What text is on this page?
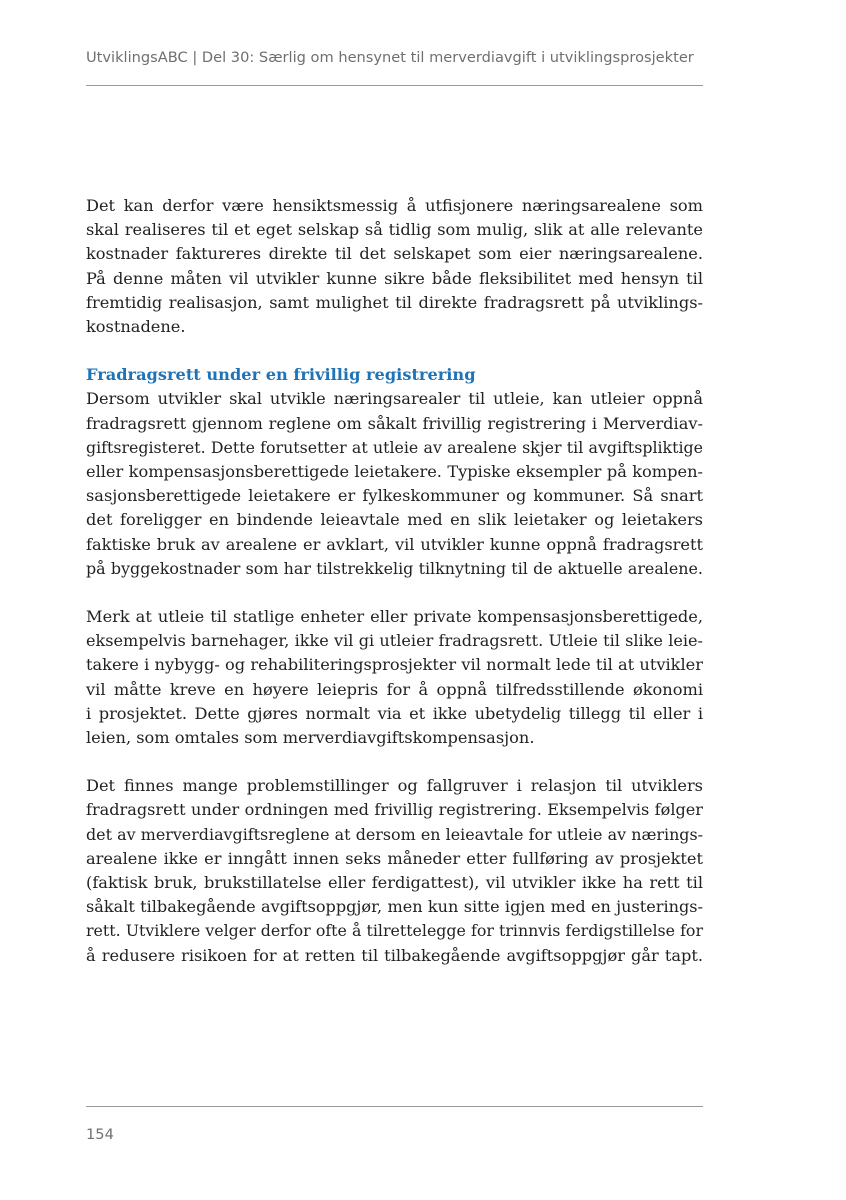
UtviklingsABC | Del 30: Særlig om hensynet til merverdiavgift i utviklingsprosjekter

Det kan derfor være hensiktsmessig å utfisjonere næringsarealene som
skal realiseres til et eget selskap så tidlig som mulig, slik at alle relevante
kostnader faktureres direkte til det selskapet som eier næringsarealene.
På denne måten vil utvikler kunne sikre både fleksibilitet med hensyn til
fremtidig realisasjon, samt mulighet til direkte fradragsrett på utviklings-
kostnadene.

Fradragsrett under en frivillig registrering

Dersom utvikler skal utvikle næringsarealer til utleie, kan utleier oppnå
fradragsrett gjennom reglene om såkalt frivillig registrering i Merverdiav-
giftsregisteret. Dette forutsetter at utleie av arealene skjer til avgiftspliktige
eller kompensasjonsberettigede leietakere. Typiske eksempler på kompen-
sasjonsberettigede leietakere er fylkeskommuner og kommuner. Så snart
det foreligger en bindende leieavtale med en slik leietaker og leietakers
faktiske bruk av arealene er avklart, vil utvikler kunne oppnå fradragsrett
på byggekostnader som har tilstrekkelig tilknytning til de aktuelle arealene.

Merk at utleie til statlige enheter eller private kompensasjonsberettigede,
eksempelvis barnehager, ikke vil gi utleier fradragsrett. Utleie til slike leie-
takere i nybygg- og rehabiliteringsprosjekter vil normalt lede til at utvikler
vil måtte kreve en høyere leiepris for å oppnå tilfredsstillende økonomi
i prosjektet. Dette gjøres normalt via et ikke ubetydelig tillegg til eller i
leien, som omtales som merverdiavgiftskompensasjon.

Det finnes mange problemstillinger og fallgruver i relasjon til utviklers
fradragsrett under ordningen med frivillig registrering. Eksempelvis følger
det av merverdiavgiftsreglene at dersom en leieavtale for utleie av nærings-
arealene ikke er inngått innen seks måneder etter fullføring av prosjektet
(faktisk bruk, brukstillatelse eller ferdigattest), vil utvikler ikke ha rett til
såkalt tilbakegående avgiftsoppgjør, men kun sitte igjen med en justerings-
rett. Utviklere velger derfor ofte å tilrettelegge for trinnvis ferdigstillelse for
å redusere risikoen for at retten til tilbakegående avgiftsoppgjør går tapt.

154
